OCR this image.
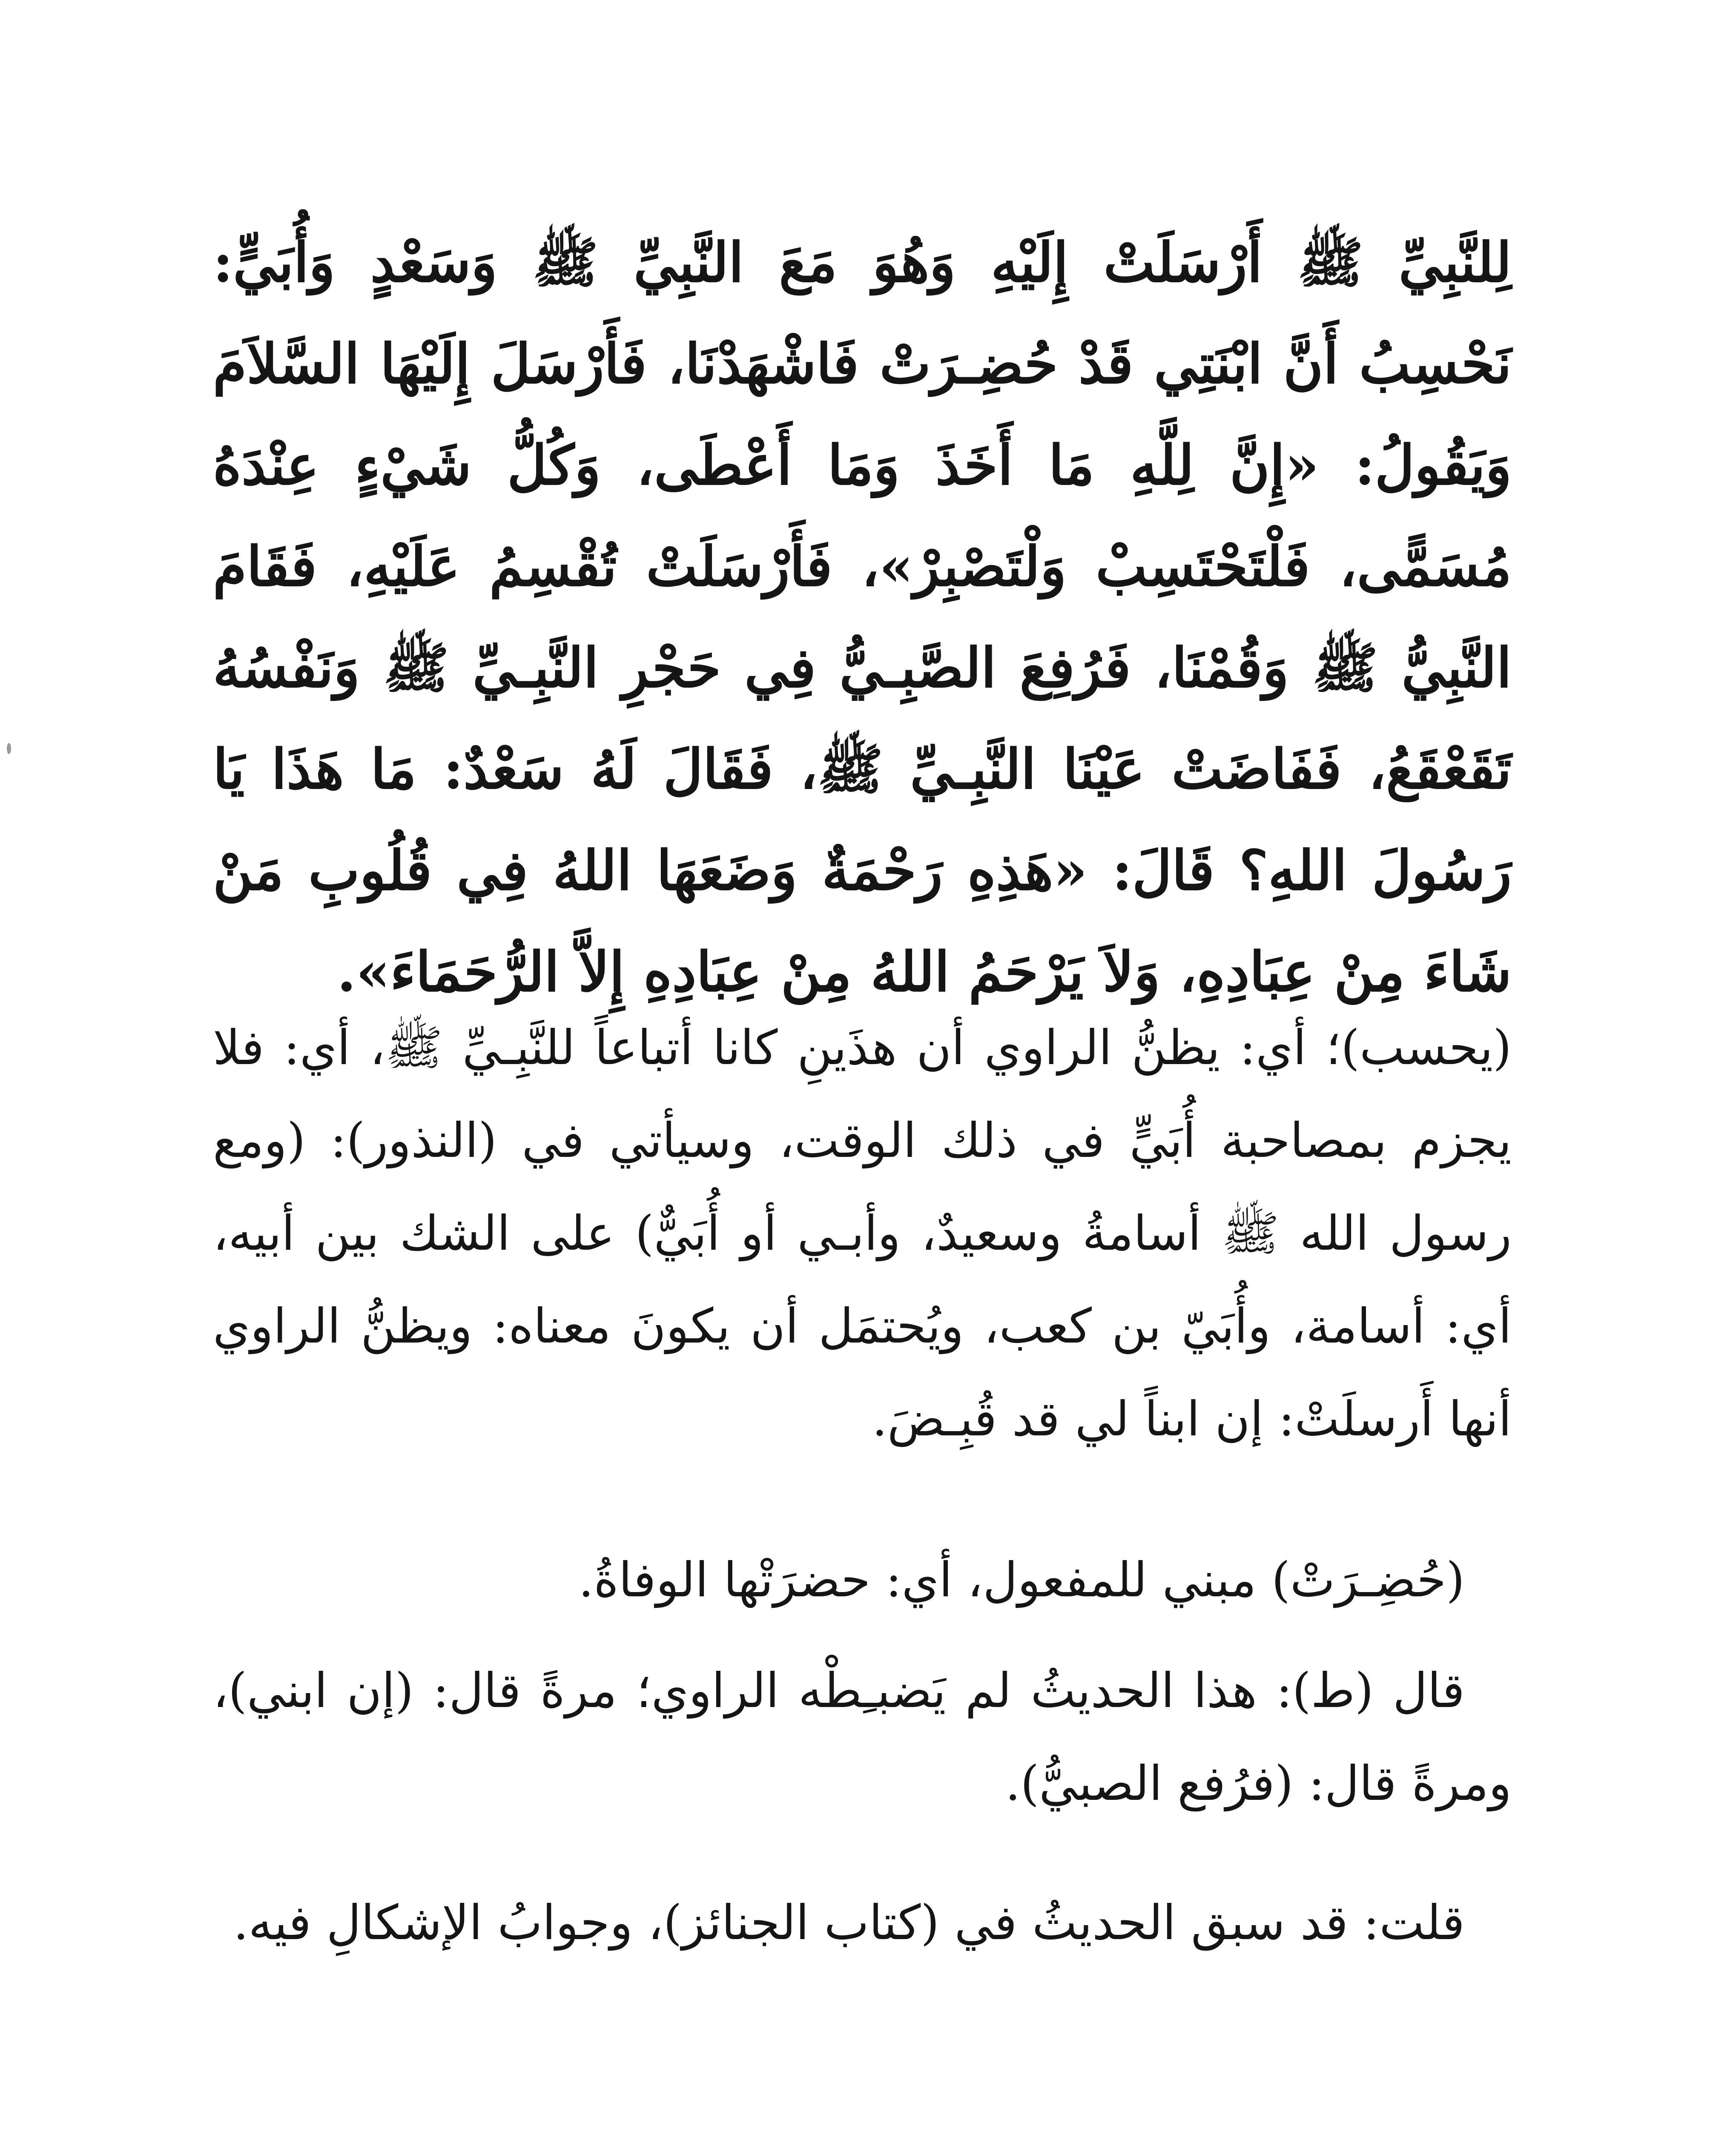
لِلنَّبِيِّ ﷺ أَرْسَلَتْ إِلَيْهِ وَهُوَ مَعَ النَّبِيِّ ﷺ وَسَعْدٍ وَأُبَيٍّ: نَحْسِبُ أَنَّ ابْنَتِي قَدْ حُضِـرَتْ فَاشْهَدْنَا، فَأَرْسَلَ إِلَيْهَا السَّلاَمَ وَيَقُولُ: «إِنَّ لِلَّهِ مَا أَخَذَ وَمَا أَعْطَى، وَكُلُّ شَيْءٍ عِنْدَهُ مُسَمًّى، فَلْتَحْتَسِبْ وَلْتَصْبِرْ»، فَأَرْسَلَتْ تُقْسِمُ عَلَيْهِ، فَقَامَ النَّبِيُّ ﷺ وَقُمْنَا، فَرُفِعَ الصَّبِـيُّ فِي حَجْرِ النَّبِـيِّ ﷺ وَنَفْسُهُ تَقَعْقَعُ، فَفَاضَتْ عَيْنَا النَّبِـيِّ ﷺ، فَقَالَ لَهُ سَعْدٌ: مَا هَذَا يَا رَسُولَ اللهِ؟ قَالَ: «هَذِهِ رَحْمَةٌ وَضَعَهَا اللهُ فِي قُلُوبِ مَنْ شَاءَ مِنْ عِبَادِهِ، وَلاَ يَرْحَمُ اللهُ مِنْ عِبَادِهِ إِلاَّ الرُّحَمَاءَ».

(يحسب)؛ أي: يظنُّ الراوي أن هذَينِ كانا أتباعاً للنَّبِـيِّ ﷺ، أي: فلا يجزم بمصاحبة أُبَيٍّ في ذلك الوقت، وسيأتي في (النذور): (ومع رسول الله ﷺ أسامةُ وسعيدٌ، وأبـي أو أُبَيٌّ) على الشك بين أبيه، أي: أسامة، وأُبَيّ بن كعب، ويُحتمَل أن يكونَ معناه: ويظنُّ الراوي أنها أَرسلَتْ: إن ابناً لي قد قُبِـضَ.

(حُضِـرَتْ) مبني للمفعول، أي: حضرَتْها الوفاةُ.

قال (ط): هذا الحديثُ لم يَضبـِطْه الراوي؛ مرةً قال: (إن ابني)، ومرةً قال: (فرُفع الصبيُّ).

قلت: قد سبق الحديثُ في (كتاب الجنائز)، وجوابُ الإشكالِ فيه.
